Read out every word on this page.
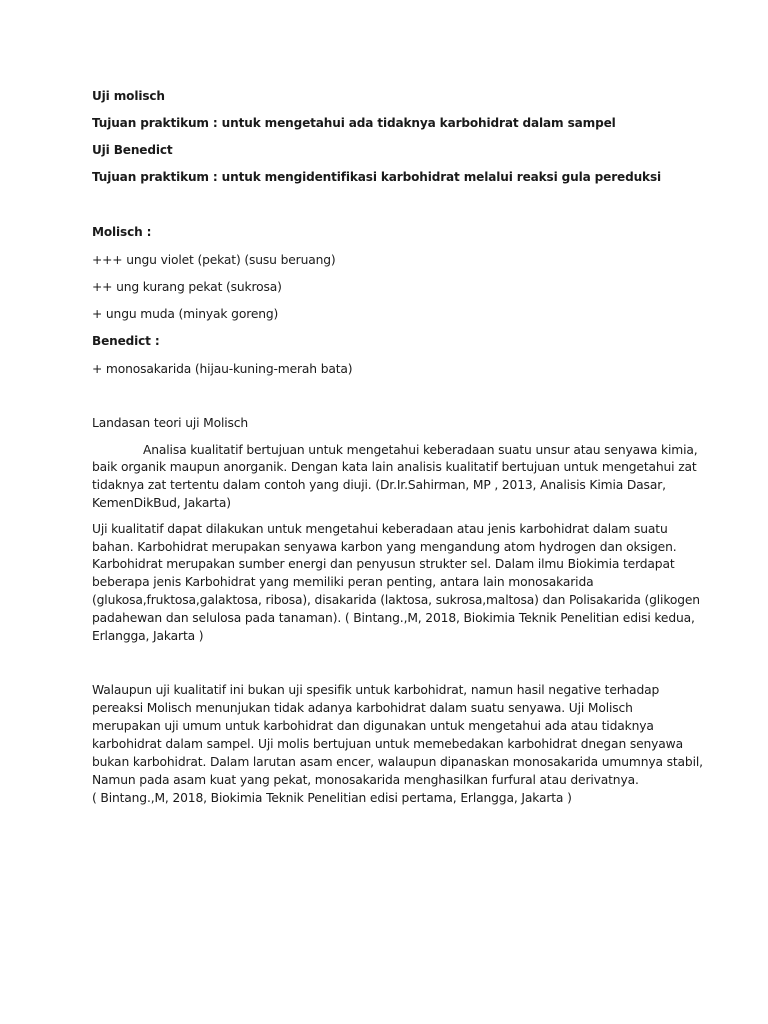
Uji molisch

Tujuan praktikum : untuk mengetahui ada tidaknya karbohidrat dalam sampel

Uji Benedict

Tujuan praktikum : untuk mengidentifikasi karbohidrat melalui reaksi gula pereduksi

Molisch :

+++ ungu violet (pekat) (susu beruang)

++ ung kurang pekat (sukrosa)

+ ungu muda (minyak goreng)

Benedict :

+ monosakarida (hijau-kuning-merah bata)

Landasan teori uji Molisch

Analisa kualitatif bertujuan untuk mengetahui keberadaan suatu unsur atau senyawa kimia,

baik organik maupun anorganik. Dengan kata lain analisis kualitatif bertujuan untuk mengetahui zat

tidaknya zat tertentu dalam contoh yang diuji. (Dr.Ir.Sahirman, MP , 2013, Analisis Kimia Dasar,

KemenDikBud, Jakarta)

Uji kualitatif dapat dilakukan untuk mengetahui keberadaan atau jenis karbohidrat dalam suatu

bahan. Karbohidrat merupakan senyawa karbon yang mengandung atom hydrogen dan oksigen.

Karbohidrat merupakan sumber energi dan penyusun strukter sel. Dalam ilmu Biokimia terdapat

beberapa jenis Karbohidrat yang memiliki peran penting, antara lain monosakarida

(glukosa,fruktosa,galaktosa, ribosa), disakarida (laktosa, sukrosa,maltosa) dan Polisakarida (glikogen

padahewan dan selulosa pada tanaman). ( Bintang.,M, 2018, Biokimia Teknik Penelitian edisi kedua,

Erlangga, Jakarta )

Walaupun uji kualitatif ini bukan uji spesifik untuk karbohidrat, namun hasil negative terhadap

pereaksi Molisch menunjukan tidak adanya karbohidrat dalam suatu senyawa. Uji Molisch

merupakan uji umum untuk karbohidrat dan digunakan untuk mengetahui ada atau tidaknya

karbohidrat dalam sampel. Uji molis bertujuan untuk memebedakan karbohidrat dnegan senyawa

bukan karbohidrat. Dalam larutan asam encer, walaupun dipanaskan monosakarida umumnya stabil,

Namun pada asam kuat yang pekat, monosakarida menghasilkan furfural atau derivatnya.

( Bintang.,M, 2018, Biokimia Teknik Penelitian edisi pertama, Erlangga, Jakarta )
